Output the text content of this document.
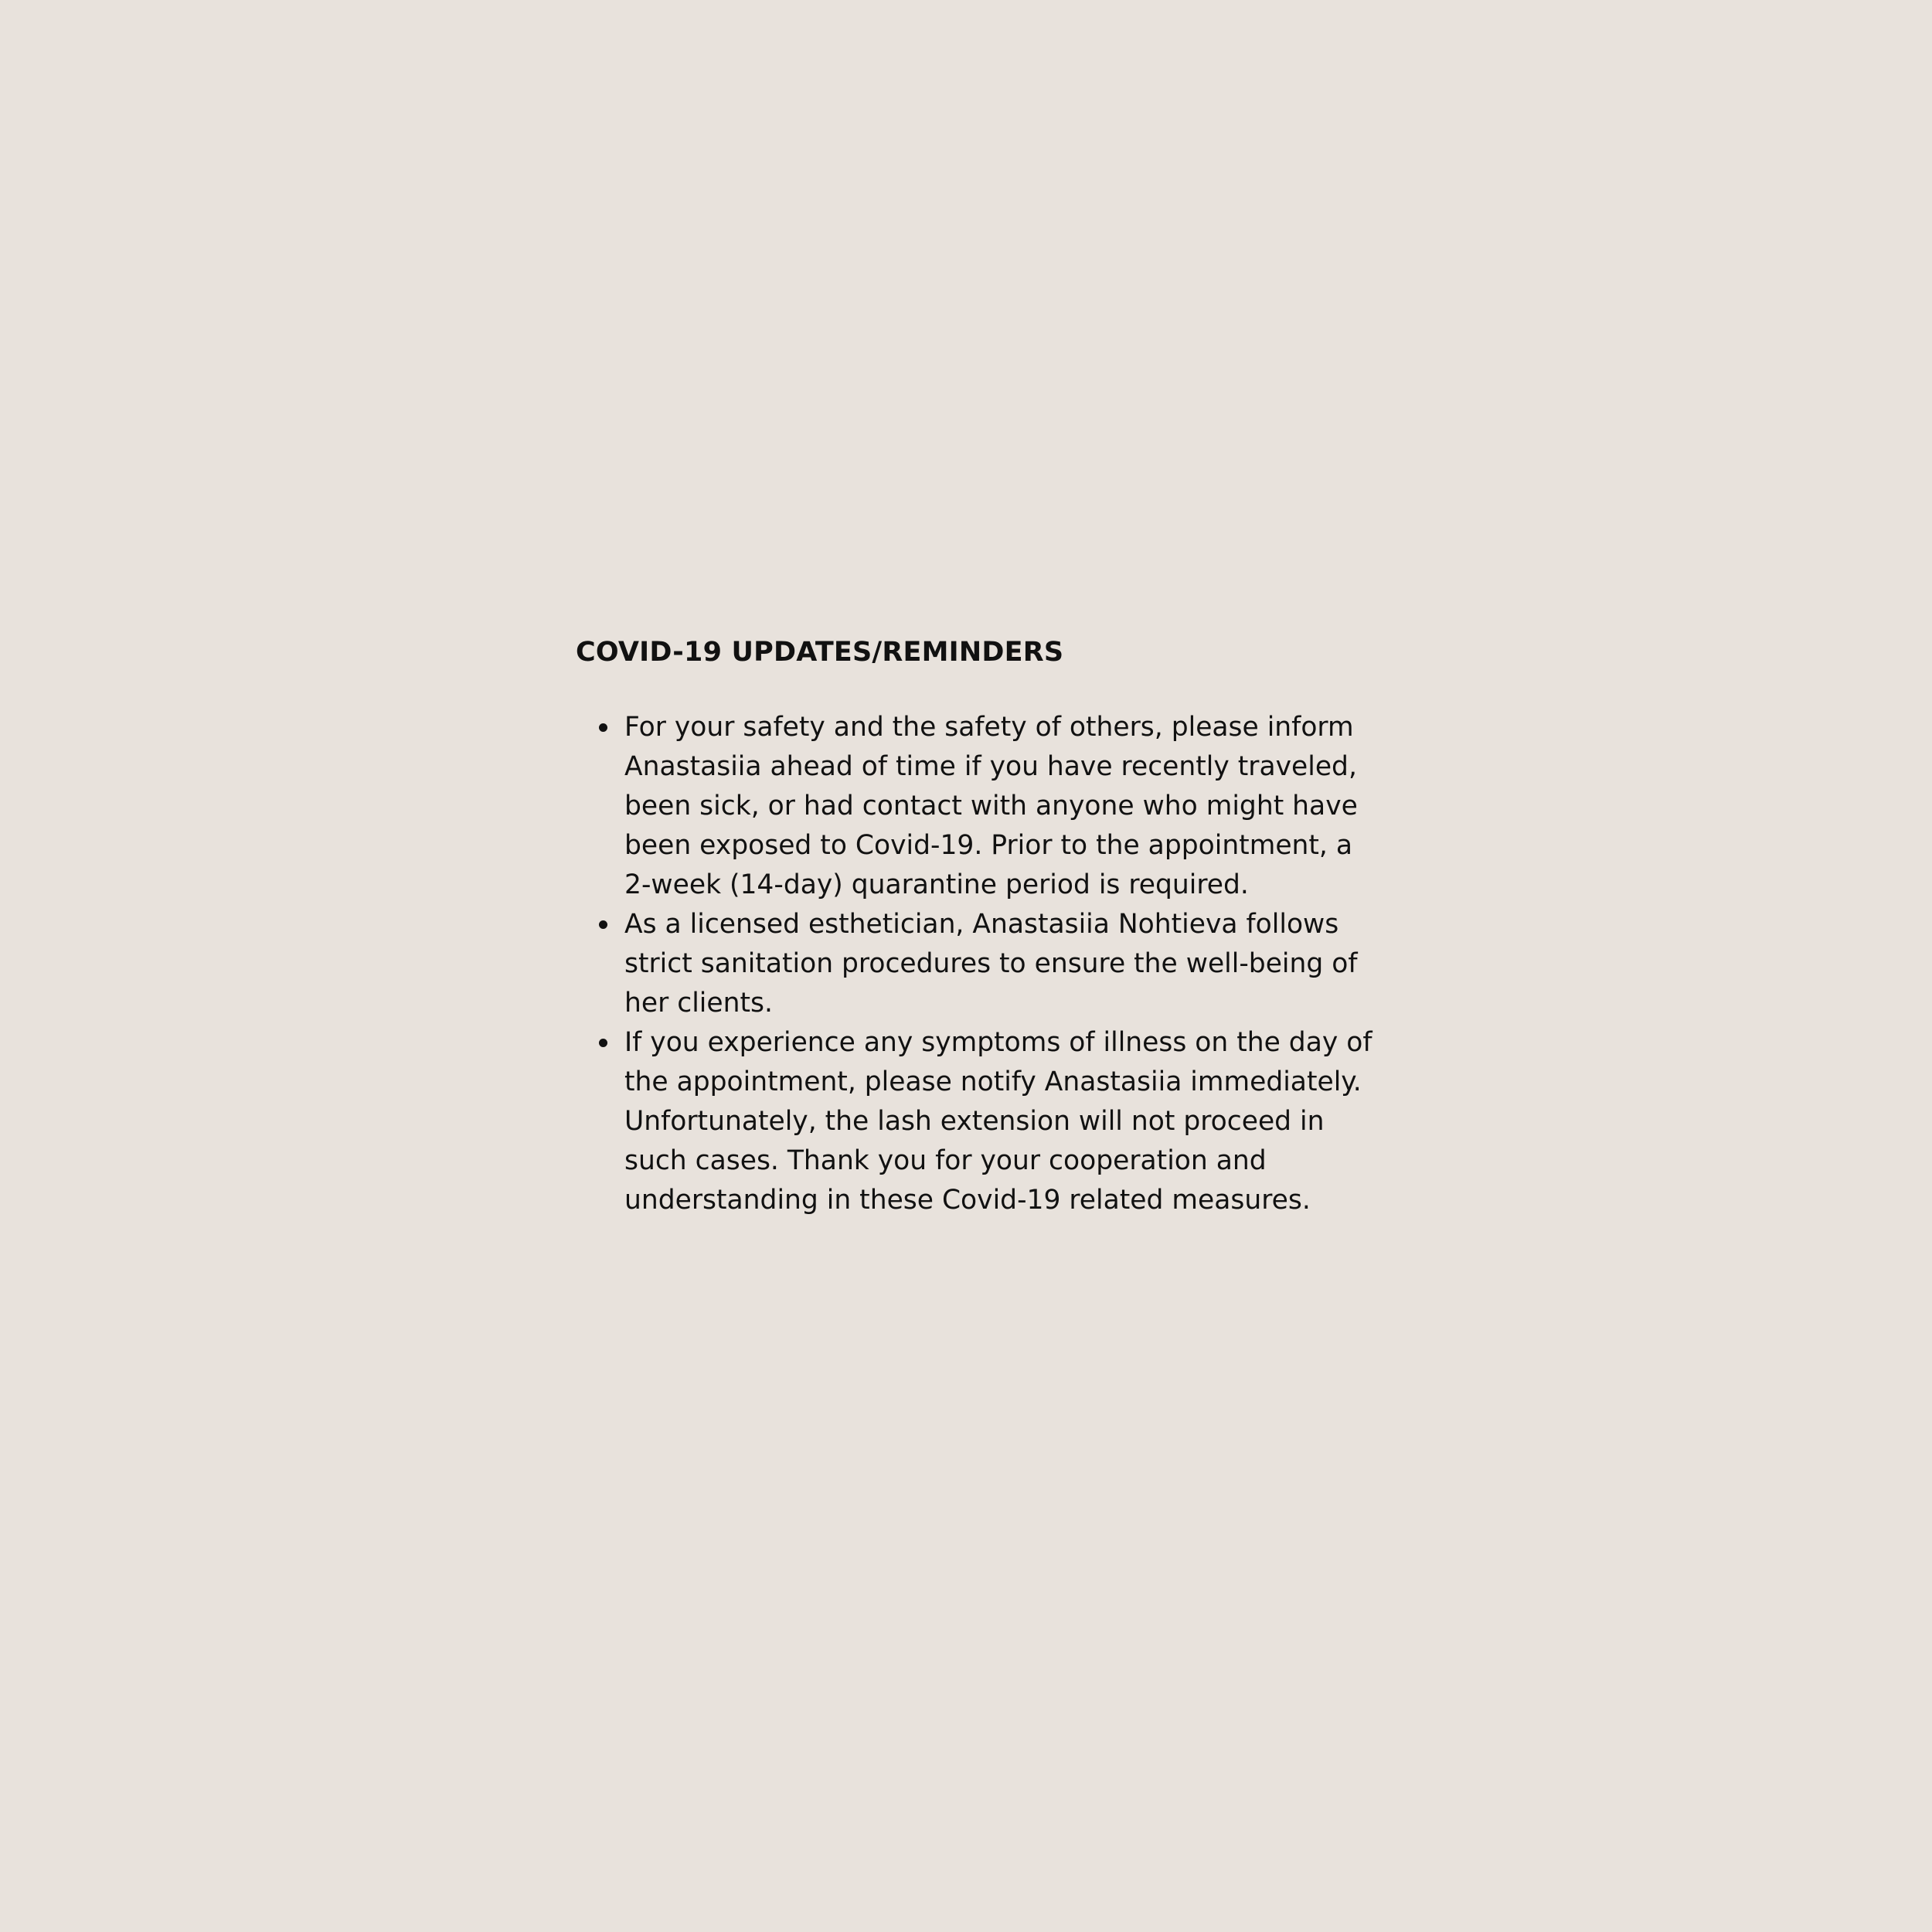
COVID-19 UPDATES/REMINDERS
For your safety and the safety of others, please inform Anastasiia ahead of time if you have recently traveled, been sick, or had contact with anyone who might have been exposed to Covid-19. Prior to the appointment, a 2-week (14-day) quarantine period is required.
As a licensed esthetician, Anastasiia Nohtieva follows strict sanitation procedures to ensure the well-being of her clients.
If you experience any symptoms of illness on the day of the appointment, please notify Anastasiia immediately. Unfortunately, the lash extension will not proceed in such cases. Thank you for your cooperation and understanding in these Covid-19 related measures.
